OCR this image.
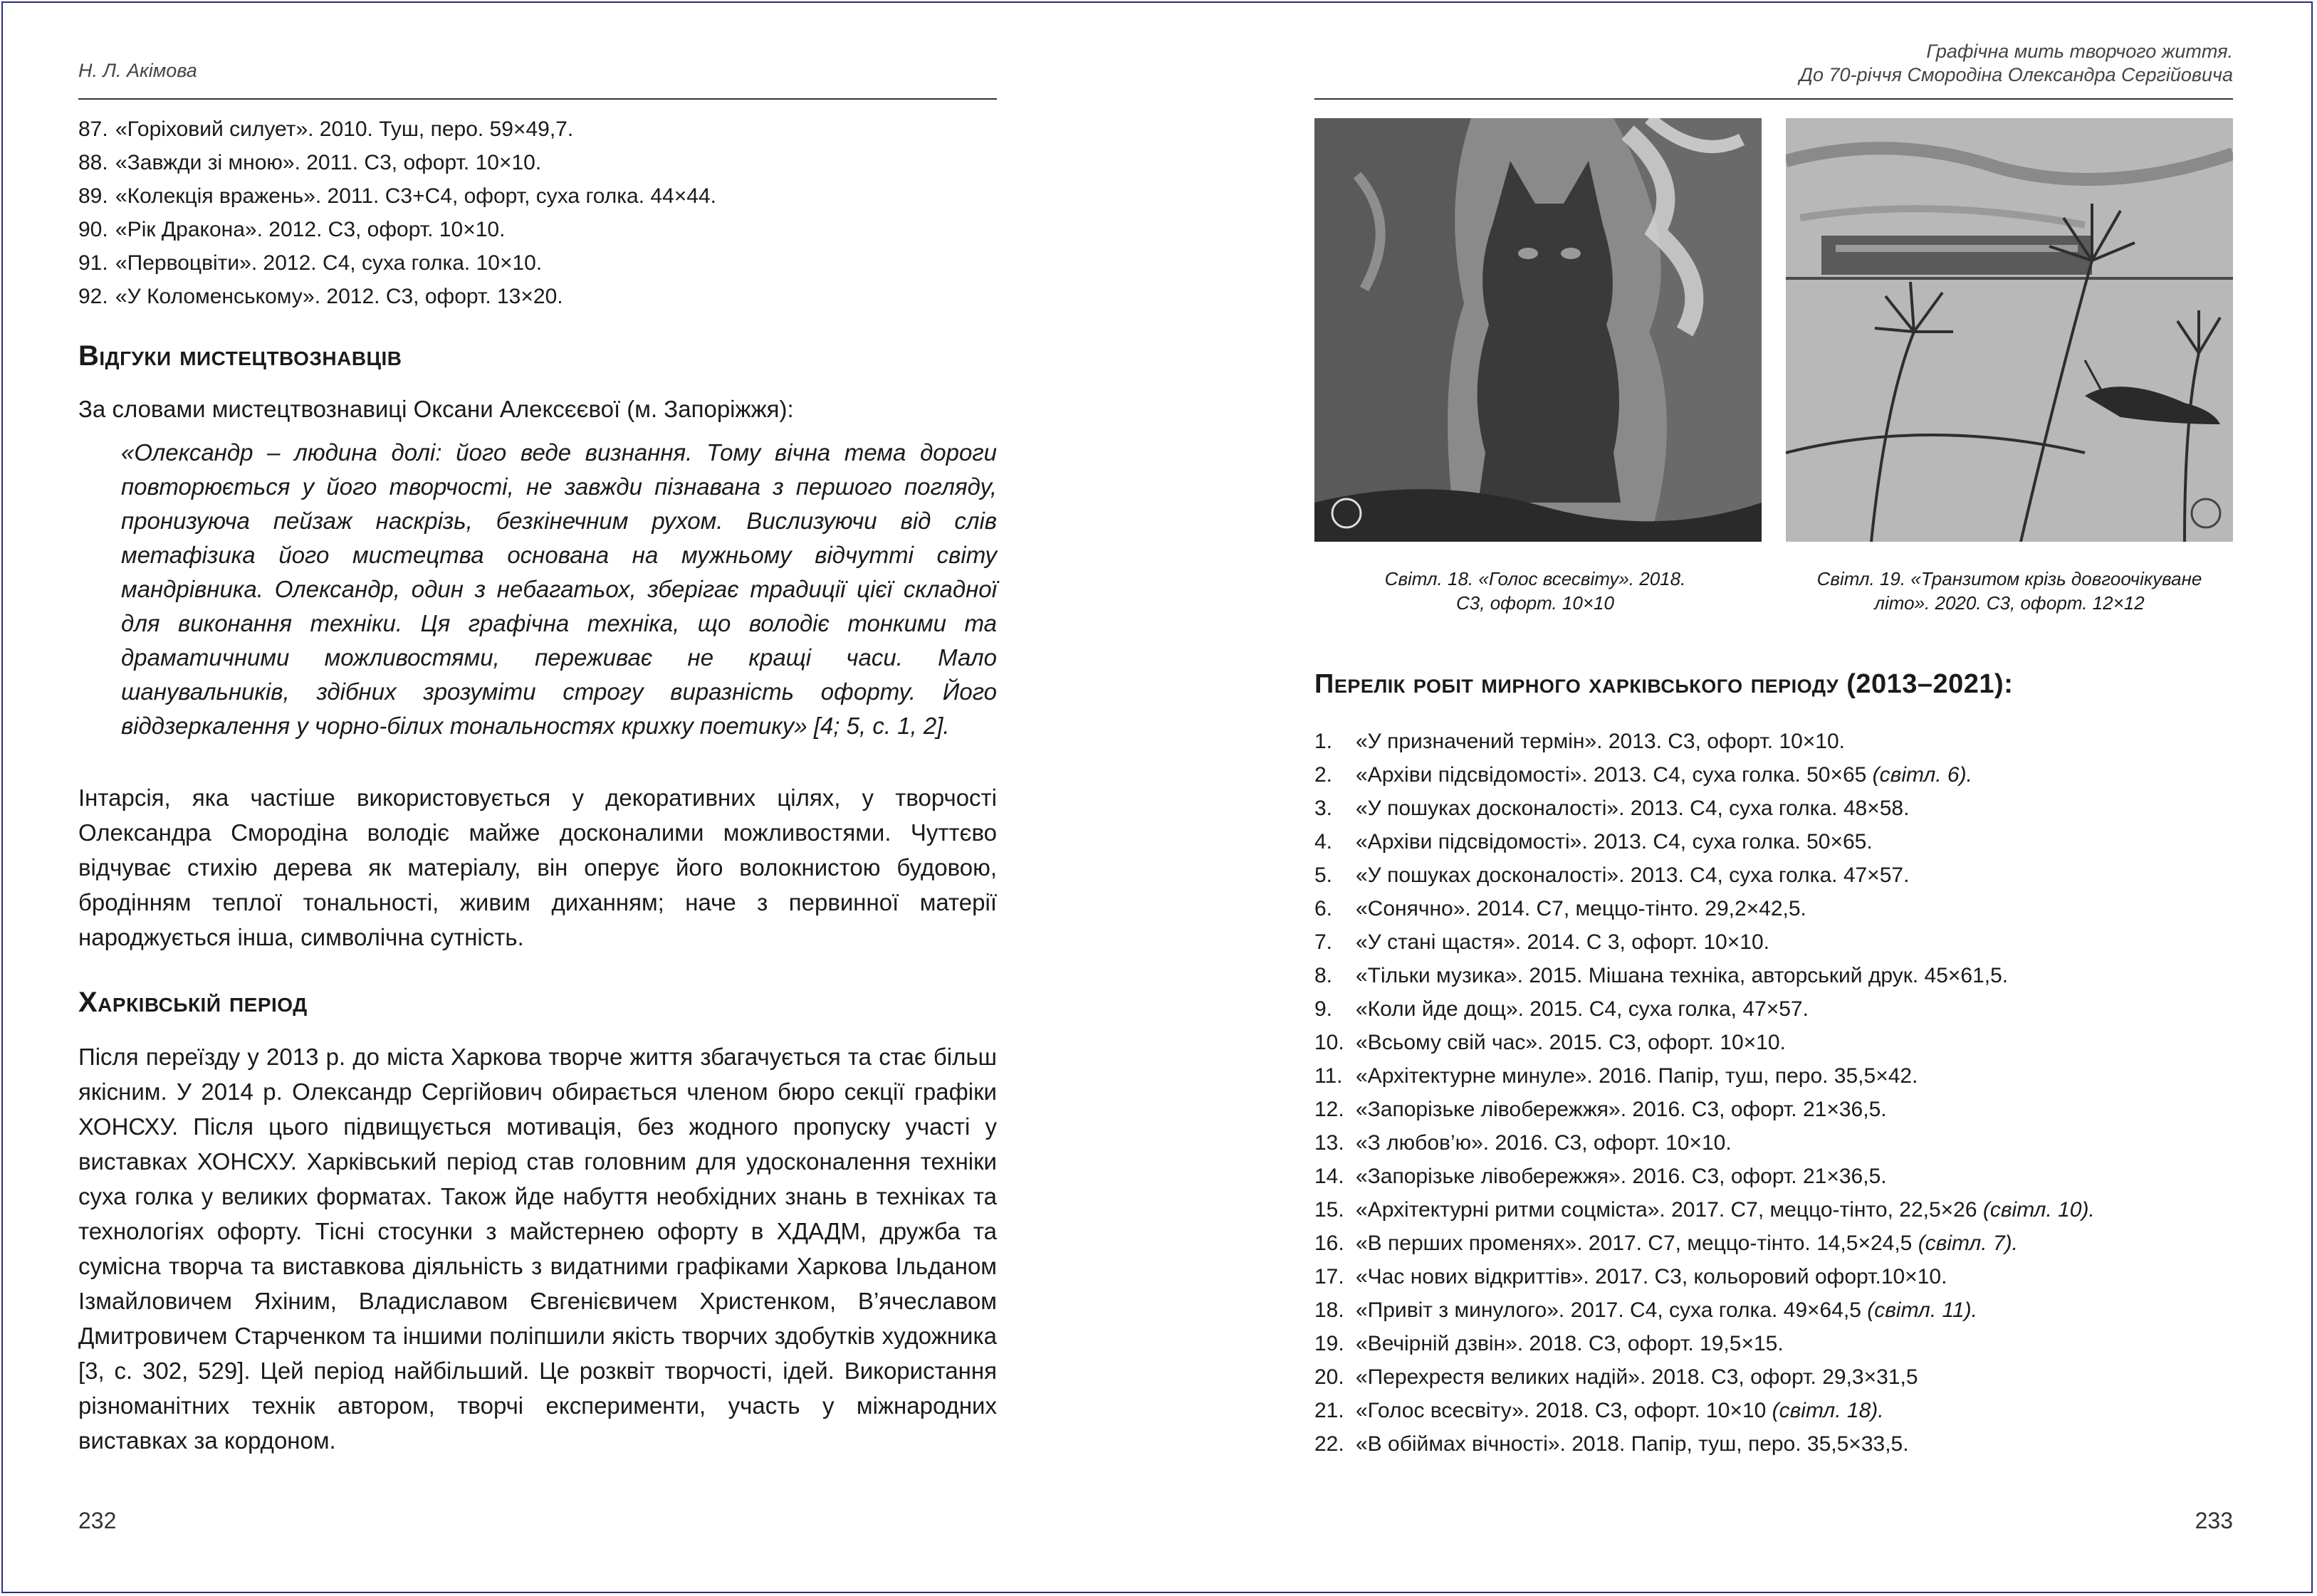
Н. Л. Акімова
87. «Горіховий силует». 2010. Туш, перо. 59×49,7.
88. «Завжди зі мною». 2011. С3, офорт. 10×10.
89. «Колекція вражень». 2011. С3+С4, офорт, суха голка. 44×44.
90. «Рік Дракона». 2012. С3, офорт. 10×10.
91. «Первоцвіти». 2012. С4, суха голка. 10×10.
92. «У Коломенському». 2012. С3, офорт. 13×20.
Відгуки мистецтвознавців

За словами мистецтвознавиці Оксани Алексєєвої (м. Запоріжжя):

«Олександр – людина долі: його веде визнання. Тому вічна тема дороги повторюється у його творчості, не завжди пізнавана з першого погляду, пронизуюча пейзаж наскрізь, безкінечним рухом. Вислизуючи від слів метафізика його мистецтва основана на мужньому відчутті світу мандрівника. Олександр, один з небагатьох, зберігає традиції цієї складної для виконання техніки. Ця графічна техніка, що володіє тонкими та драматичними можливостями, переживає не кращі часи. Мало шанувальників, здібних зрозуміти строгу виразність офорту. Його віддзеркалення у чорно-білих тональностях крихку поетику» [4; 5, с. 1, 2].

Інтарсія, яка частіше використовується у декоративних цілях, у творчості Олександра Смородіна володіє майже досконалими можливостями. Чуттєво відчуває стихію дерева як матеріалу, він оперує його волокнистою будовою, бродінням теплої тональності, живим диханням; наче з первинної матерії народжується інша, символічна сутність.

Харківській період

Після переїзду у 2013 р. до міста Харкова творче життя збагачується та стає більш якісним. У 2014 р. Олександр Сергійович обирається членом бюро секції графіки ХОНСХУ. Після цього підвищується мотивація, без жодного пропуску участі у виставках ХОНСХУ. Харківський період став головним для удосконалення техніки суха голка у великих форматах. Також йде набуття необхідних знань в техніках та технологіях офорту. Тісні стосунки з майстернею офорту в ХДАДМ, дружба та сумісна творча та виставкова діяльність з видатними графіками Харкова Ільданом Ізмайловичем Яхіним, Владиславом Євгенієвичем Христенком, В’ячеславом Дмитровичем Старченком та іншими поліпшили якість творчих здобутків художника [3, с. 302, 529]. Цей період найбільший. Це розквіт творчості, ідей. Використання різноманітних технік автором, творчі експерименти, участь у міжнародних виставках за кордоном.

232
Графічна мить творчого життя.
До 70-річчя Смородіна Олександра Сергійовича
Світл. 18. «Голос всесвіту». 2018.
С3, офорт. 10×10
Світл. 19. «Транзитом крізь довгоочікуване
літо». 2020. С3, офорт. 12×12
Перелік робіт мирного харківського періоду (2013–2021):
1. «У призначений термін». 2013. С3, офорт. 10×10.
2. «Архіви підсвідомості». 2013. С4, суха голка. 50×65 (світл. 6).
3. «У пошуках досконалості». 2013. С4, суха голка. 48×58.
4. «Архіви підсвідомості». 2013. С4, суха голка. 50×65.
5. «У пошуках досконалості». 2013. С4, суха голка. 47×57.
6. «Сонячно». 2014. С7, меццо-тінто. 29,2×42,5.
7. «У стані щастя». 2014. С 3, офорт. 10×10.
8. «Тільки музика». 2015. Мішана техніка, авторський друк. 45×61,5.
9. «Коли йде дощ». 2015. С4, суха голка, 47×57.
10. «Всьому свій час». 2015. С3, офорт. 10×10.
11. «Архітектурне минуле». 2016. Папір, туш, перо. 35,5×42.
12. «Запорізьке лівобережжя». 2016. С3, офорт. 21×36,5.
13. «З любов’ю». 2016. С3, офорт. 10×10.
14. «Запорізьке лівобережжя». 2016. С3, офорт. 21×36,5.
15. «Архітектурні ритми соцміста». 2017. С7, меццо-тінто, 22,5×26 (світл. 10).
16. «В перших променях». 2017. С7, меццо-тінто. 14,5×24,5 (світл. 7).
17. «Час нових відкриттів». 2017. С3, кольоровий офорт.10×10.
18. «Привіт з минулого». 2017. С4, суха голка. 49×64,5 (світл. 11).
19. «Вечірній дзвін». 2018. С3, офорт. 19,5×15.
20. «Перехрестя великих надій». 2018. С3, офорт. 29,3×31,5
21. «Голос всесвіту». 2018. С3, офорт. 10×10 (світл. 18).
22. «В обіймах вічності». 2018. Папір, туш, перо. 35,5×33,5.
233
